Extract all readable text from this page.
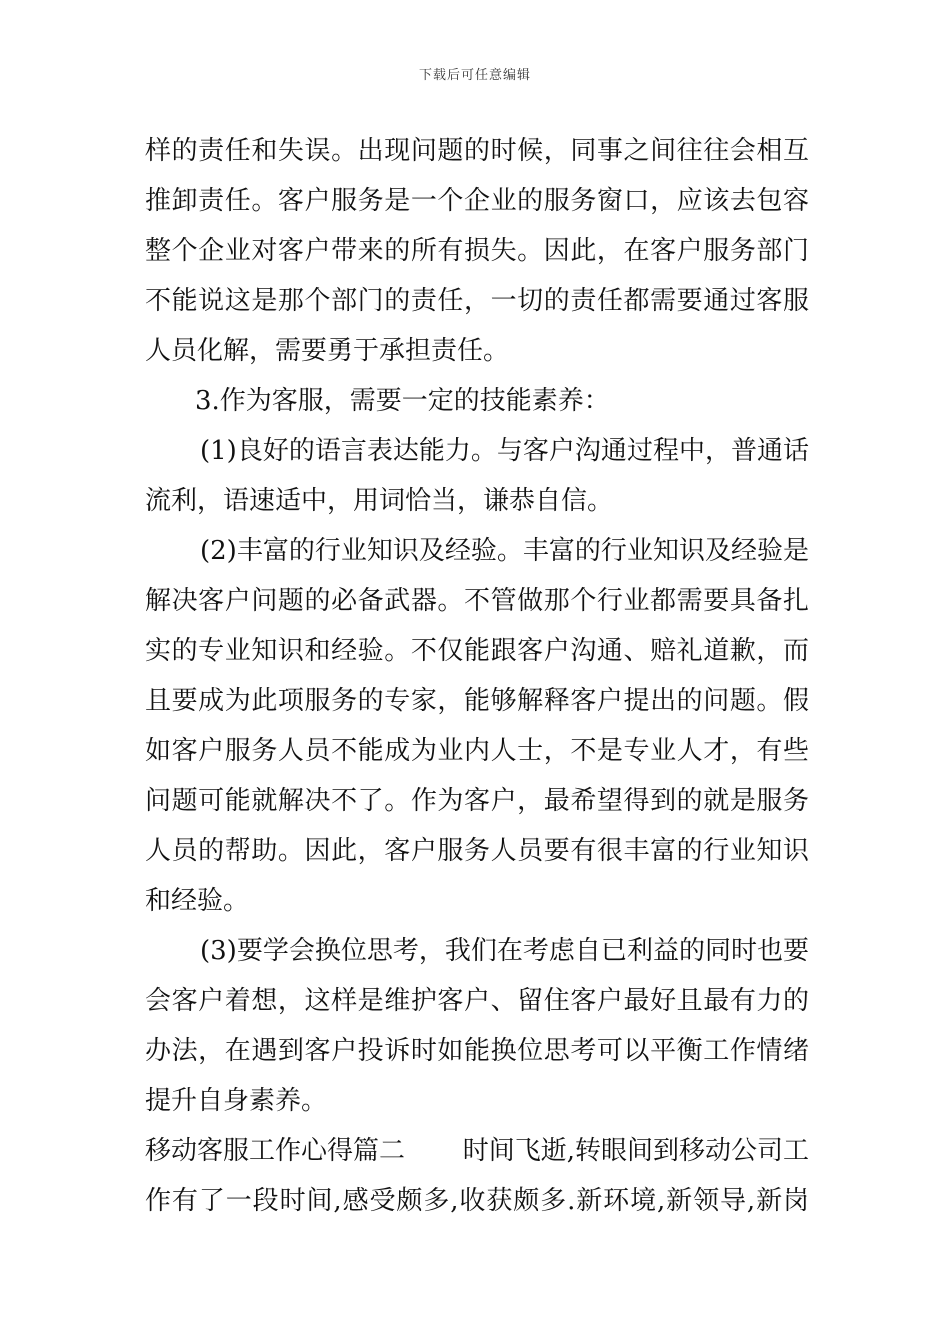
下载后可任意编辑
样的责任和失误。出现问题的时候，同事之间往往会相互
推卸责任。客户服务是一个企业的服务窗口，应该去包容
整个企业对客户带来的所有损失。因此，在客户服务部门
不能说这是那个部门的责任，一切的责任都需要通过客服
人员化解，需要勇于承担责任。
3.作为客服，需要一定的技能素养：
(1)良好的语言表达能力。与客户沟通过程中，普通话
流利，语速适中，用词恰当，谦恭自信。
(2)丰富的行业知识及经验。丰富的行业知识及经验是
解决客户问题的必备武器。不管做那个行业都需要具备扎
实的专业知识和经验。不仅能跟客户沟通、赔礼道歉，而
且要成为此项服务的专家，能够解释客户提出的问题。假
如客户服务人员不能成为业内人士，不是专业人才，有些
问题可能就解决不了。作为客户，最希望得到的就是服务
人员的帮助。因此，客户服务人员要有很丰富的行业知识
和经验。
(3)要学会换位思考，我们在考虑自已利益的同时也要
会客户着想，这样是维护客户、留住客户最好且最有力的
办法，在遇到客户投诉时如能换位思考可以平衡工作情绪
提升自身素养。
移动客服工作心得篇二 时间飞逝,转眼间到移动公司工
作有了一段时间,感受颇多,收获颇多.新环境,新领导,新岗
